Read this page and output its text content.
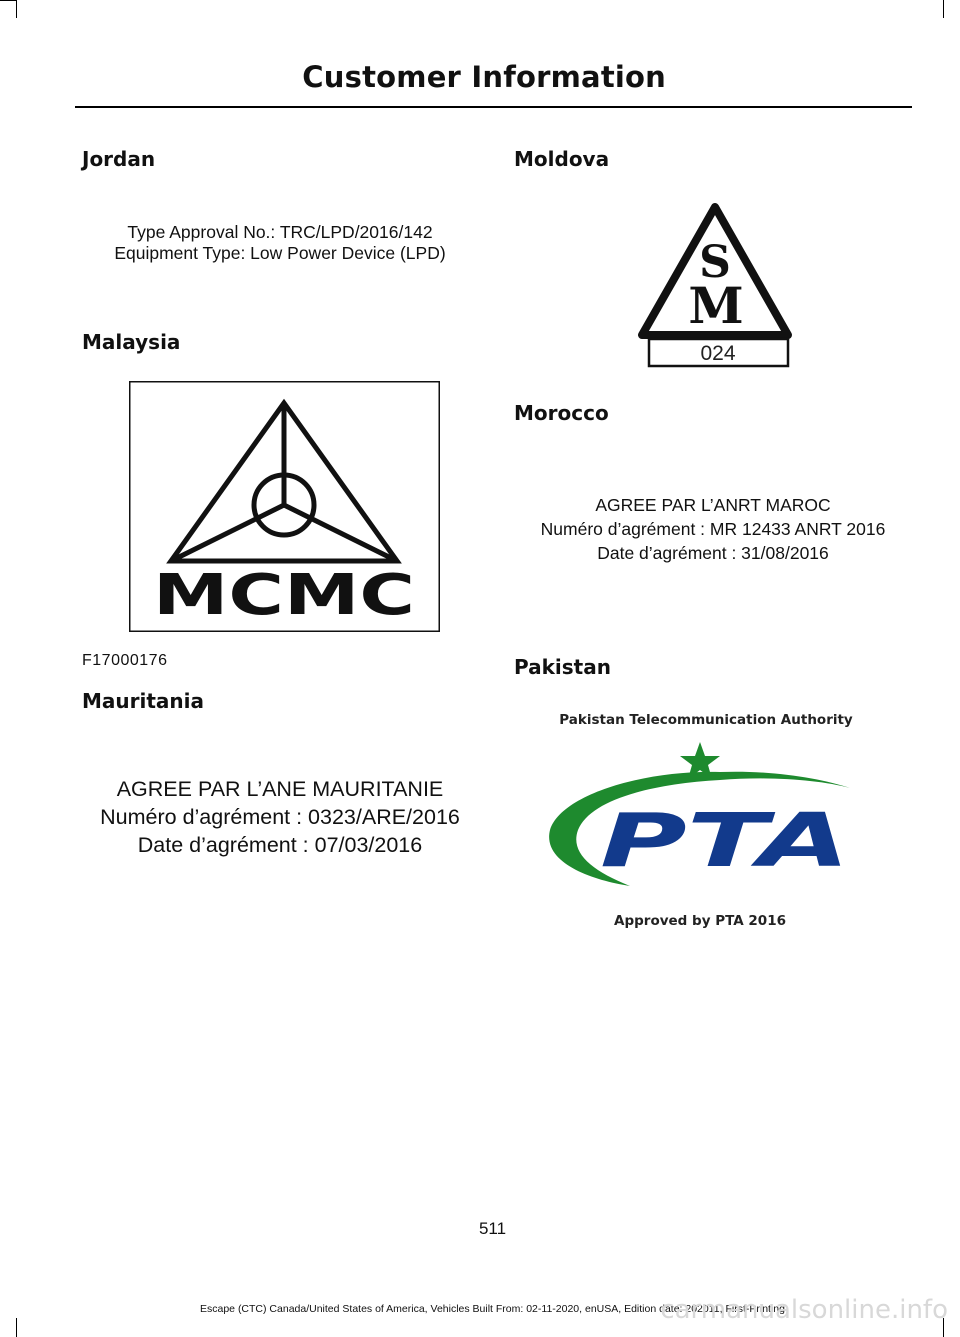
Customer Information
Jordan
Type Approval No.: TRC/LPD/2016/142
Equipment Type: Low Power Device (LPD)
Malaysia
MCMC
F17000176
Mauritania
AGREE PAR L’ANE MAURITANIE
Numéro d’agrément : 0323/ARE/2016
Date d’agrément : 07/03/2016
Moldova
S
M
024
Morocco
AGREE PAR L’ANRT MAROC
Numéro d’agrément : MR 12433 ANRT 2016
Date d’agrément : 31/08/2016
Pakistan
Pakistan Telecommunication Authority
PTA
Approved by PTA 2016
511
Escape (CTC) Canada/United States of America, Vehicles Built From: 02-11-2020, enUSA, Edition date: 202011, First-Printing
carmanualsonline.info
